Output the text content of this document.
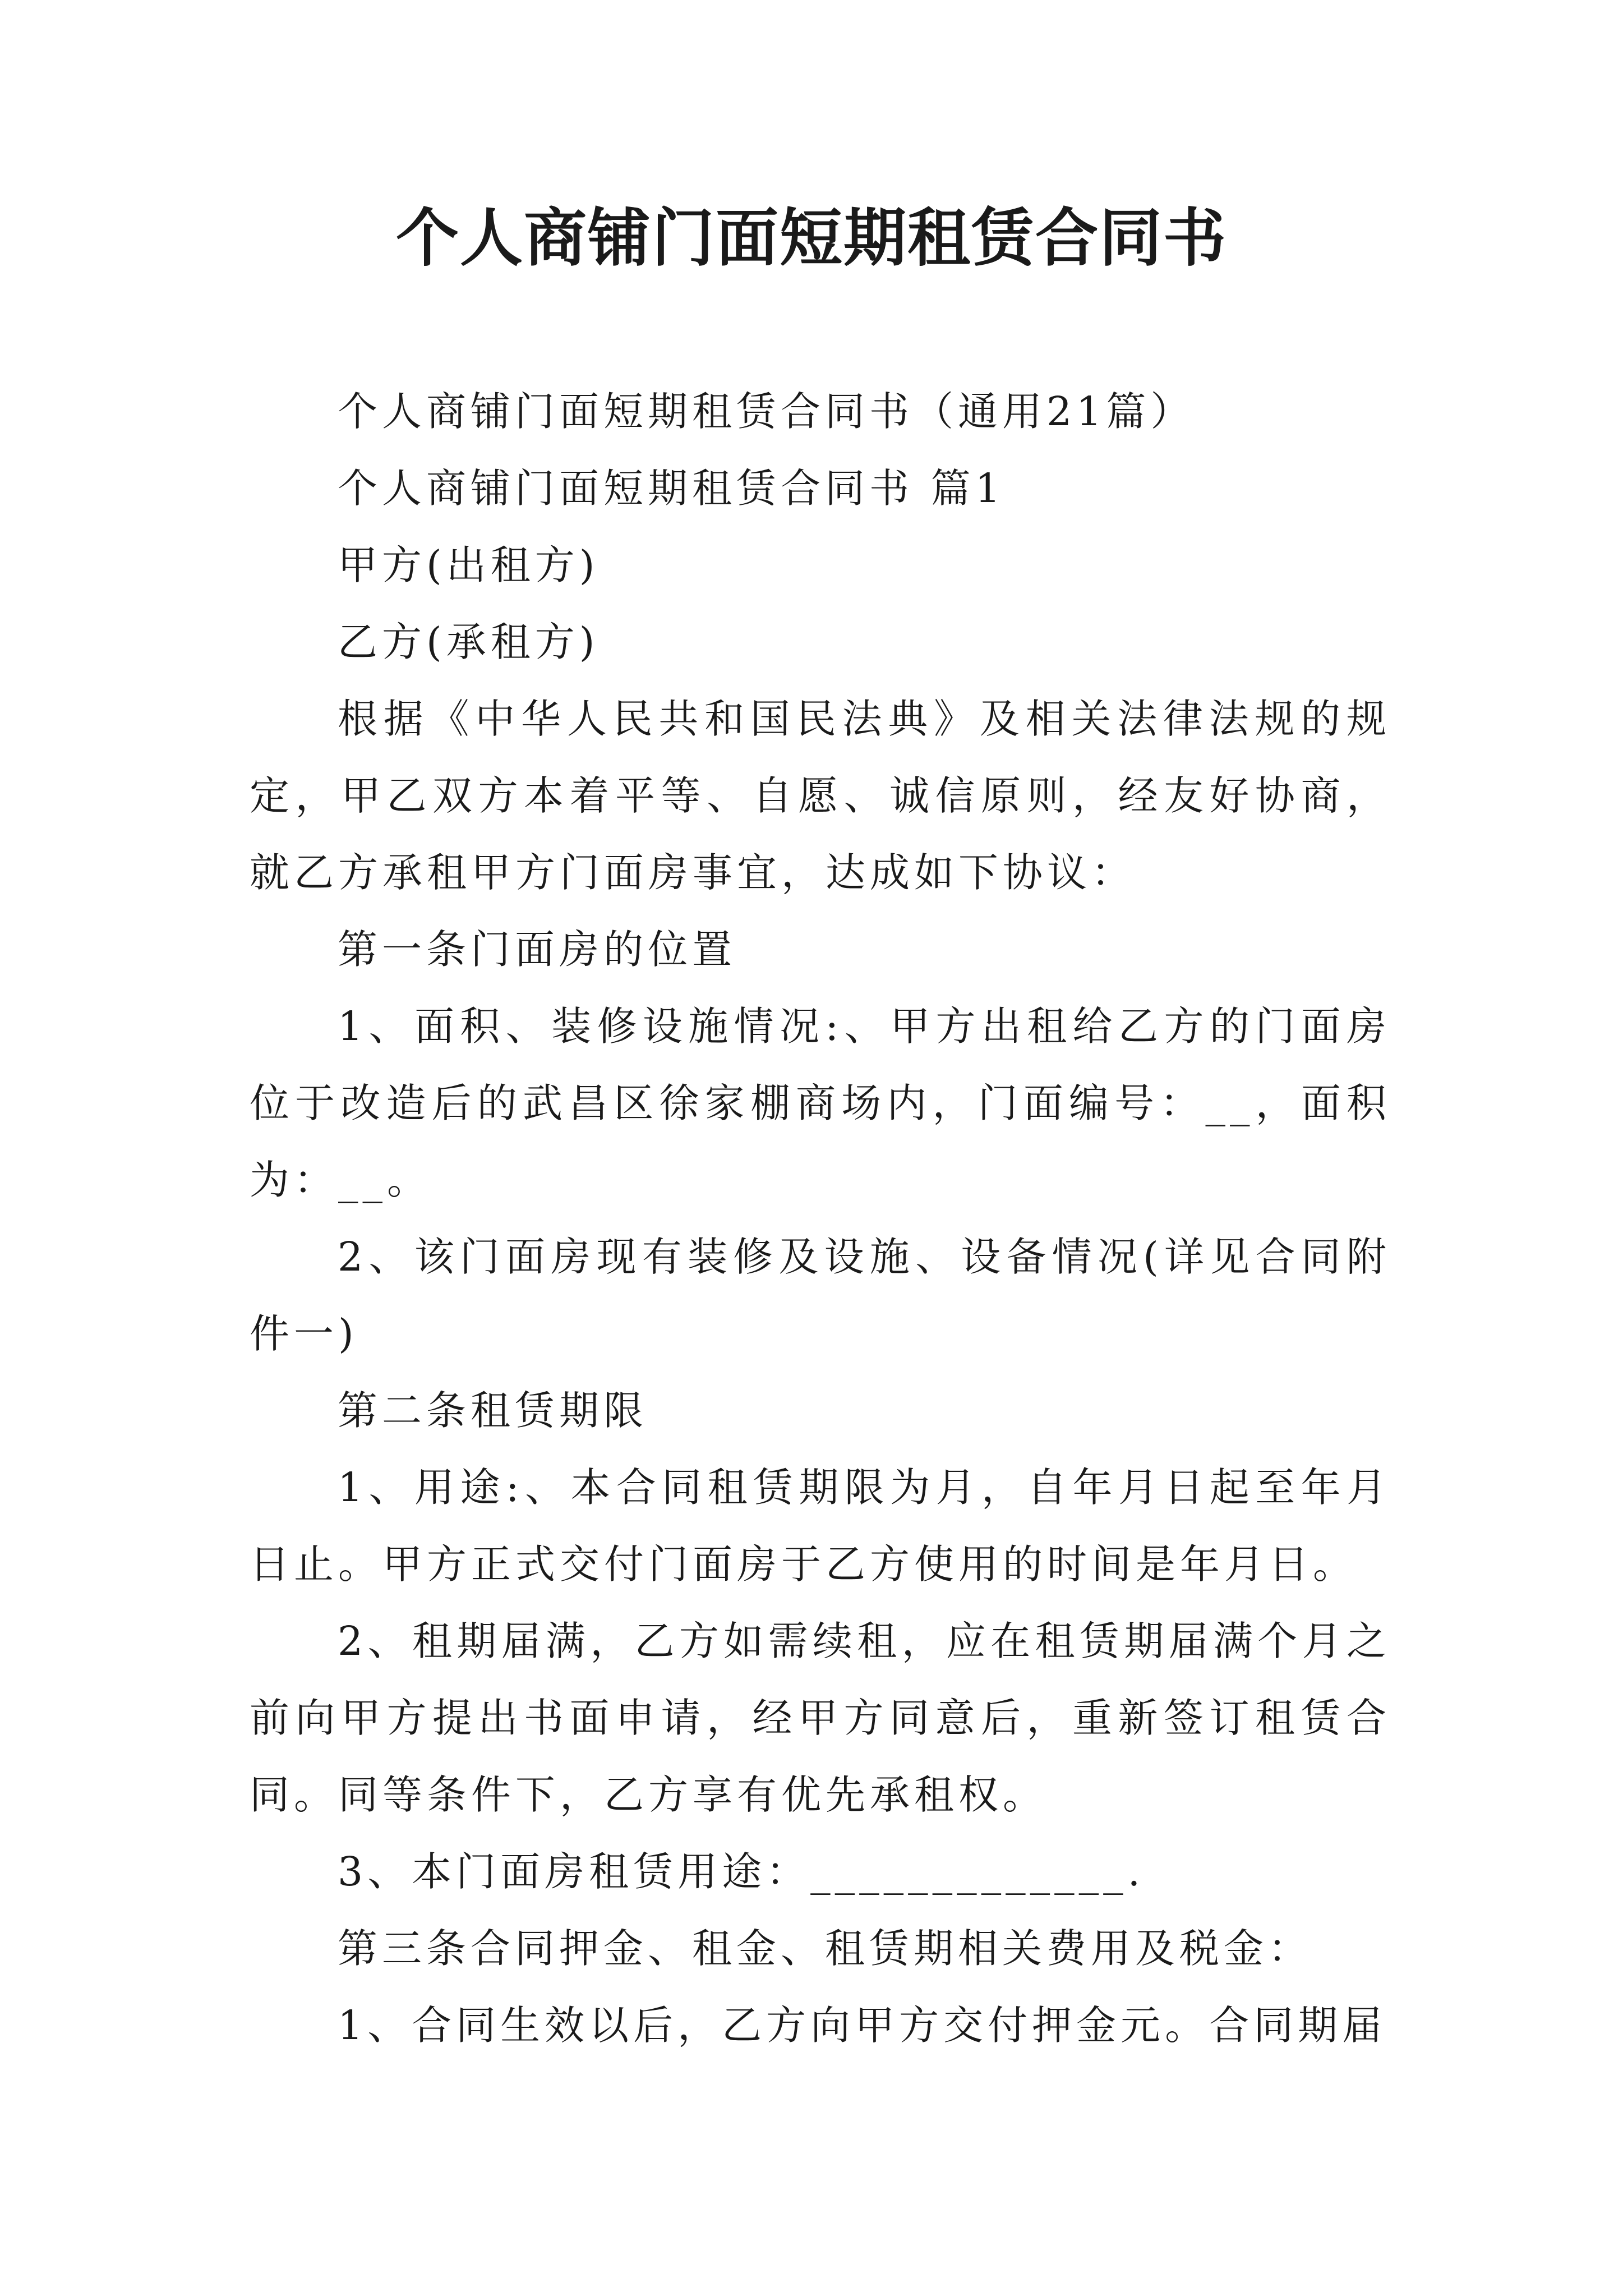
个人商铺门面短期租赁合同书

个人商铺门面短期租赁合同书（通用21篇）

个人商铺门面短期租赁合同书 篇1

甲方(出租方)

乙方(承租方)

根据《中华人民共和国民法典》及相关法律法规的规定，甲乙双方本着平等、自愿、诚信原则，经友好协商，就乙方承租甲方门面房事宜，达成如下协议：

第一条门面房的位置

1、面积、装修设施情况:、甲方出租给乙方的门面房位于改造后的武昌区徐家棚商场内，门面编号：__，面积为：__。

2、该门面房现有装修及设施、设备情况(详见合同附件一)

第二条租赁期限

1、用途:、本合同租赁期限为月，自年月日起至年月日止。甲方正式交付门面房于乙方使用的时间是年月日。

2、租期届满，乙方如需续租，应在租赁期届满个月之前向甲方提出书面申请，经甲方同意后，重新签订租赁合同。同等条件下，乙方享有优先承租权。

3、本门面房租赁用途：_____________.

第三条合同押金、租金、租赁期相关费用及税金：

1、合同生效以后，乙方向甲方交付押金元。合同期届
